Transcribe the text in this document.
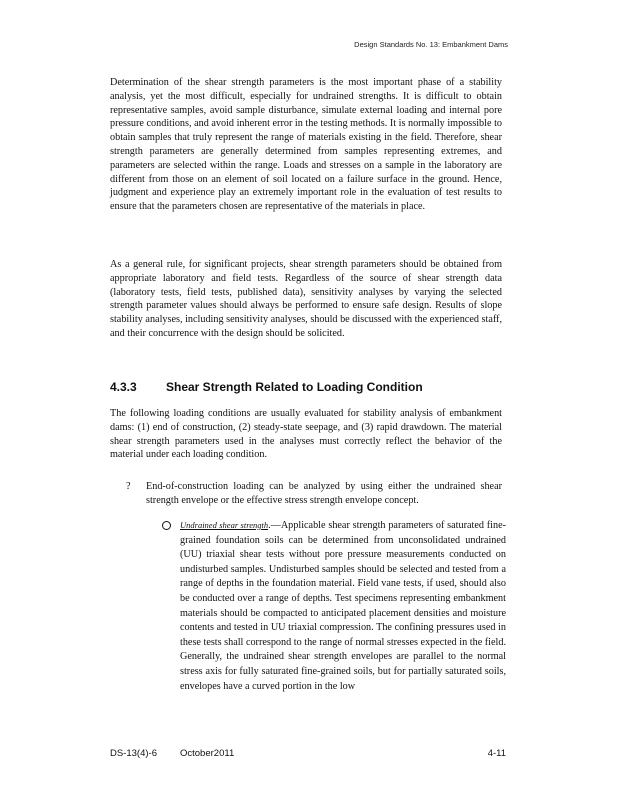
Design Standards No. 13: Embankment Dams

Determination of the shear strength parameters is the most important phase of a stability analysis, yet the most difficult, especially for undrained strengths. It is difficult to obtain representative samples, avoid sample disturbance, simulate external loading and internal pore pressure conditions, and avoid inherent error in the testing methods. It is normally impossible to obtain samples that truly represent the range of materials existing in the field. Therefore, shear strength parameters are generally determined from samples representing extremes, and parameters are selected within the range. Loads and stresses on a sample in the laboratory are different from those on an element of soil located on a failure surface in the ground. Hence, judgment and experience play an extremely important role in the evaluation of test results to ensure that the parameters chosen are representative of the materials in place.

As a general rule, for significant projects, shear strength parameters should be obtained from appropriate laboratory and field tests. Regardless of the source of shear strength data (laboratory tests, field tests, published data), sensitivity analyses by varying the selected strength parameter values should always be performed to ensure safe design. Results of slope stability analyses, including sensitivity analyses, should be discussed with the experienced staff, and their concurrence with the design should be solicited.

4.3.3 Shear Strength Related to Loading Condition

The following loading conditions are usually evaluated for stability analysis of embankment dams: (1) end of construction, (2) steady-state seepage, and (3) rapid drawdown. The material shear strength parameters used in the analyses must correctly reflect the behavior of the material under each loading condition.

?	End-of-construction loading can be analyzed by using either the undrained shear strength envelope or the effective stress strength envelope concept.
Undrained shear strength.—Applicable shear strength parameters of saturated fine-grained foundation soils can be determined from unconsolidated undrained (UU) triaxial shear tests without pore pressure measurements conducted on undisturbed samples. Undisturbed samples should be selected and tested from a range of depths in the foundation material. Field vane tests, if used, should also be conducted over a range of depths. Test specimens representing embankment materials should be compacted to anticipated placement densities and moisture contents and tested in UU triaxial compression. The confining pressures used in these tests shall correspond to the range of normal stresses expected in the field. Generally, the undrained shear strength envelopes are parallel to the normal stress axis for fully saturated fine-grained soils, but for partially saturated soils, envelopes have a curved portion in the low
DS-13(4)-6 October2011	4-11
